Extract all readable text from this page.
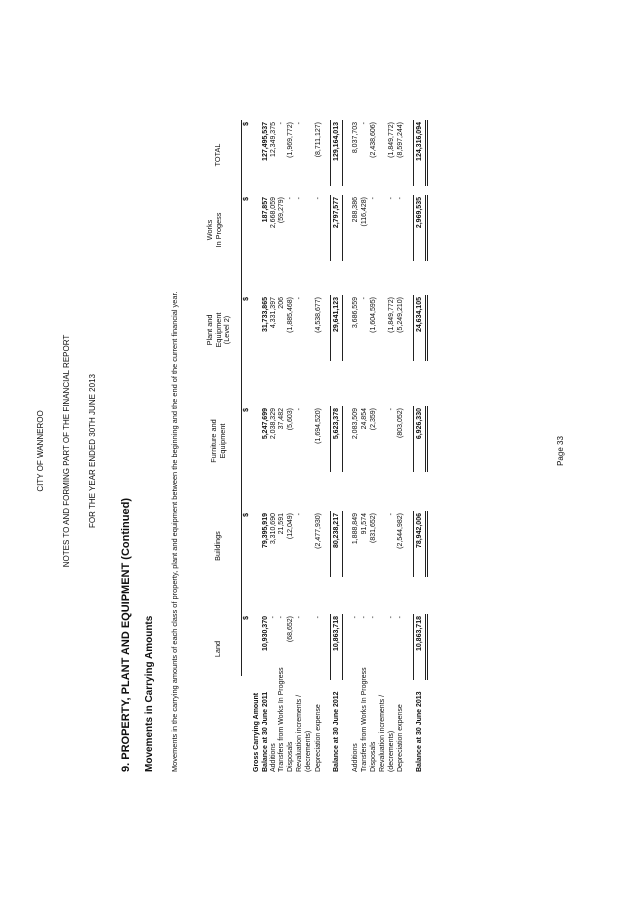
CITY OF WANNEROO NOTES TO AND FORMING PART OF THE FINANCIAL REPORT FOR THE YEAR ENDED 30TH JUNE 2013
9. PROPERTY, PLANT AND EQUIPMENT (Continued) Movements in Carrying Amounts Movements in the carrying amounts of each class of property, plant and equipment between the beginning and the end of the current financial year.	Land
$
Buildings
$
Furniture and
Equipment
$
Plant and
Equipment
(Level 2)
$
Works
In Progess
$
TOTAL
$
Gross Carrying Amount Balance at 30 June 2011
10,930,370
79,395,919
5,247,699
31,733,865
187,857
127,495,537
Additions
-
3,310,690
2,038,329
4,331,397
2,668,059
12,349,375
Transfers from Works In Progress
-
21,591
37,482
206
(59,279)
-
Disposals
(68,652)
(12,049)
(5,603)
(1,885,468)
-
(1,969,772)
Revaluation increments /
-
-
-
-
-
-
(decrements) Depreciation expense
-
(2,477,930)
(1,694,520)
(4,538,677)
-
(8,711,127)
Balance at 30 June 2012
10,863,718
80,238,217
5,623,378
29,641,123
2,797,577
129,164,013
Additions
-
1,888,849
2,083,509
3,686,559
288,386
8,037,703
Transfers from Works In Progress
-
91,574
24,854
-
(116,428)
-
Disposals
-
(831,652)
(2,359)
(1,604,595)
-
(2,438,606)
Revaluation increments / (decrements)
-
-
-
(1,849,772)
-
(1,849,772)
Depreciation expense
-
(2,544,982)
(803,052)
(5,249,210)
-
(8,597,244)
Balance at 30 June 2013
10,863,718
78,942,006
6,926,330
24,634,105
2,969,535
124,316,094
Page 33
